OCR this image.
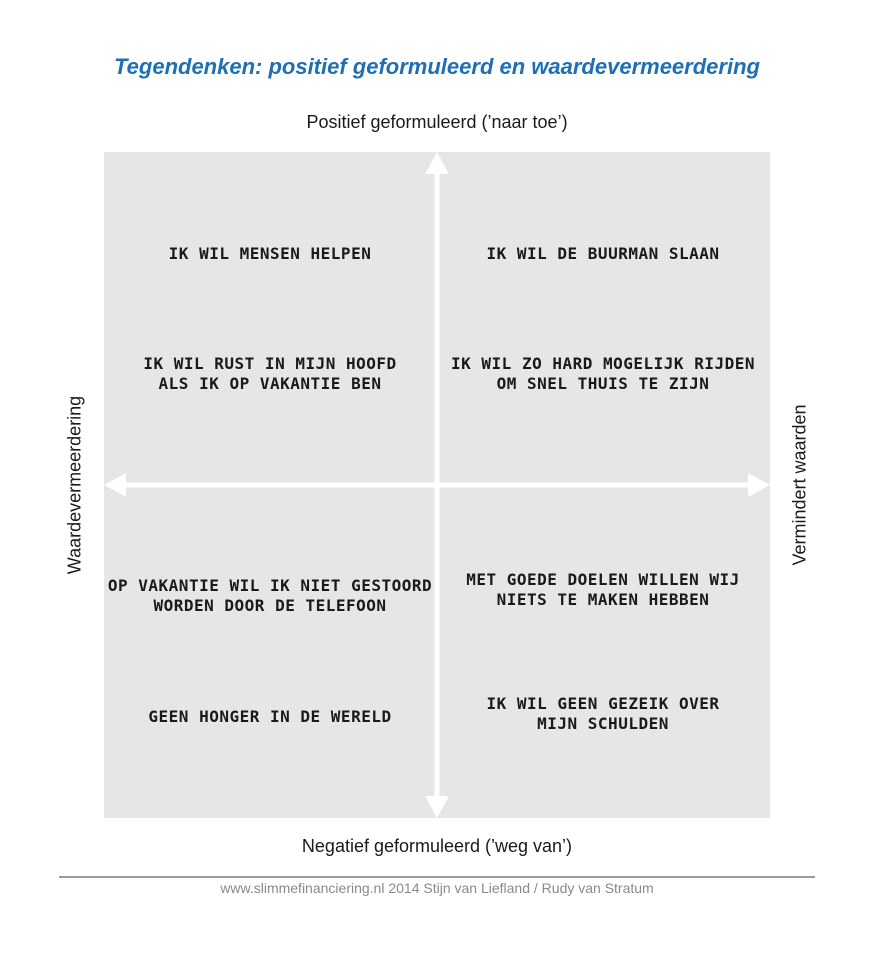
Tegendenken: positief geformuleerd en waardevermeerdering
Positief geformuleerd (’naar toe’)
Waardevermeerdering	Vermindert waarden
IK WIL MENSEN HELPEN
IK WIL RUST IN MIJN HOOFD
ALS IK OP VAKANTIE BEN
IK WIL DE BUURMAN SLAAN
IK WIL ZO HARD MOGELIJK RIJDEN
OM SNEL THUIS TE ZIJN
OP VAKANTIE WIL IK NIET GESTOORD
WORDEN DOOR DE TELEFOON
GEEN HONGER IN DE WERELD
MET GOEDE DOELEN WILLEN WIJ
NIETS TE MAKEN HEBBEN
IK WIL GEEN GEZEIK OVER
MIJN SCHULDEN
Negatief geformuleerd (’weg van’)
www.slimmefinanciering.nl 2014 Stijn van Liefland / Rudy van Stratum
